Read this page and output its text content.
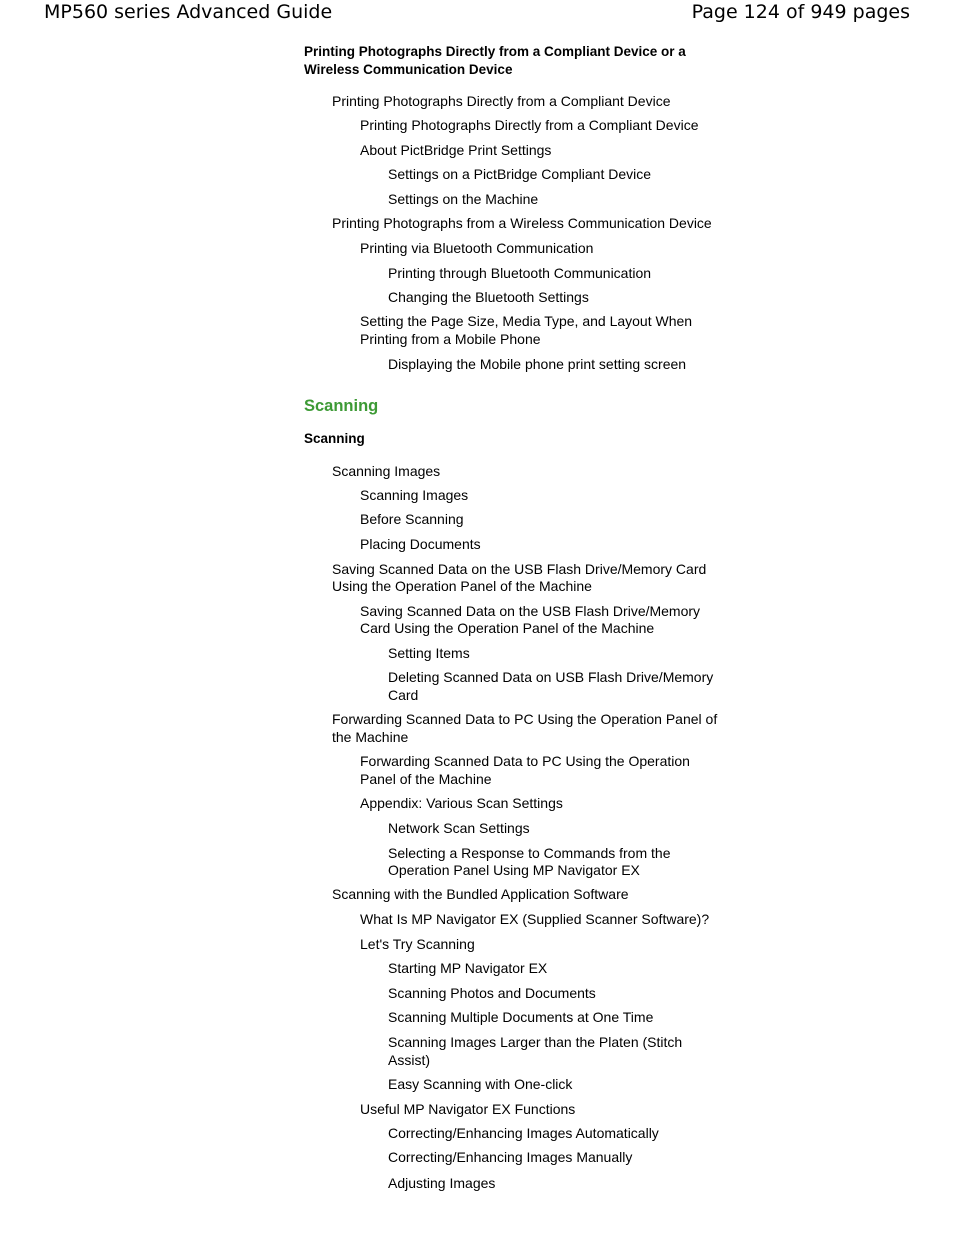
MP560 series Advanced Guide	Page 124 of 949 pages
Printing Photographs Directly from a Compliant Device or a
Wireless Communication Device
Printing Photographs Directly from a Compliant Device
Printing Photographs Directly from a Compliant Device
About PictBridge Print Settings
Settings on a PictBridge Compliant Device
Settings on the Machine
Printing Photographs from a Wireless Communication Device
Printing via Bluetooth Communication
Printing through Bluetooth Communication
Changing the Bluetooth Settings
Setting the Page Size, Media Type, and Layout When
Printing from a Mobile Phone
Displaying the Mobile phone print setting screen
Scanning
Scanning
Scanning Images
Scanning Images
Before Scanning
Placing Documents
Saving Scanned Data on the USB Flash Drive/Memory Card
Using the Operation Panel of the Machine
Saving Scanned Data on the USB Flash Drive/Memory
Card Using the Operation Panel of the Machine
Setting Items
Deleting Scanned Data on USB Flash Drive/Memory
Card
Forwarding Scanned Data to PC Using the Operation Panel of
the Machine
Forwarding Scanned Data to PC Using the Operation
Panel of the Machine
Appendix: Various Scan Settings
Network Scan Settings
Selecting a Response to Commands from the
Operation Panel Using MP Navigator EX
Scanning with the Bundled Application Software
What Is MP Navigator EX (Supplied Scanner Software)?
Let's Try Scanning
Starting MP Navigator EX
Scanning Photos and Documents
Scanning Multiple Documents at One Time
Scanning Images Larger than the Platen (Stitch
Assist)
Easy Scanning with One-click
Useful MP Navigator EX Functions
Correcting/Enhancing Images Automatically
Correcting/Enhancing Images Manually
Adjusting Images
